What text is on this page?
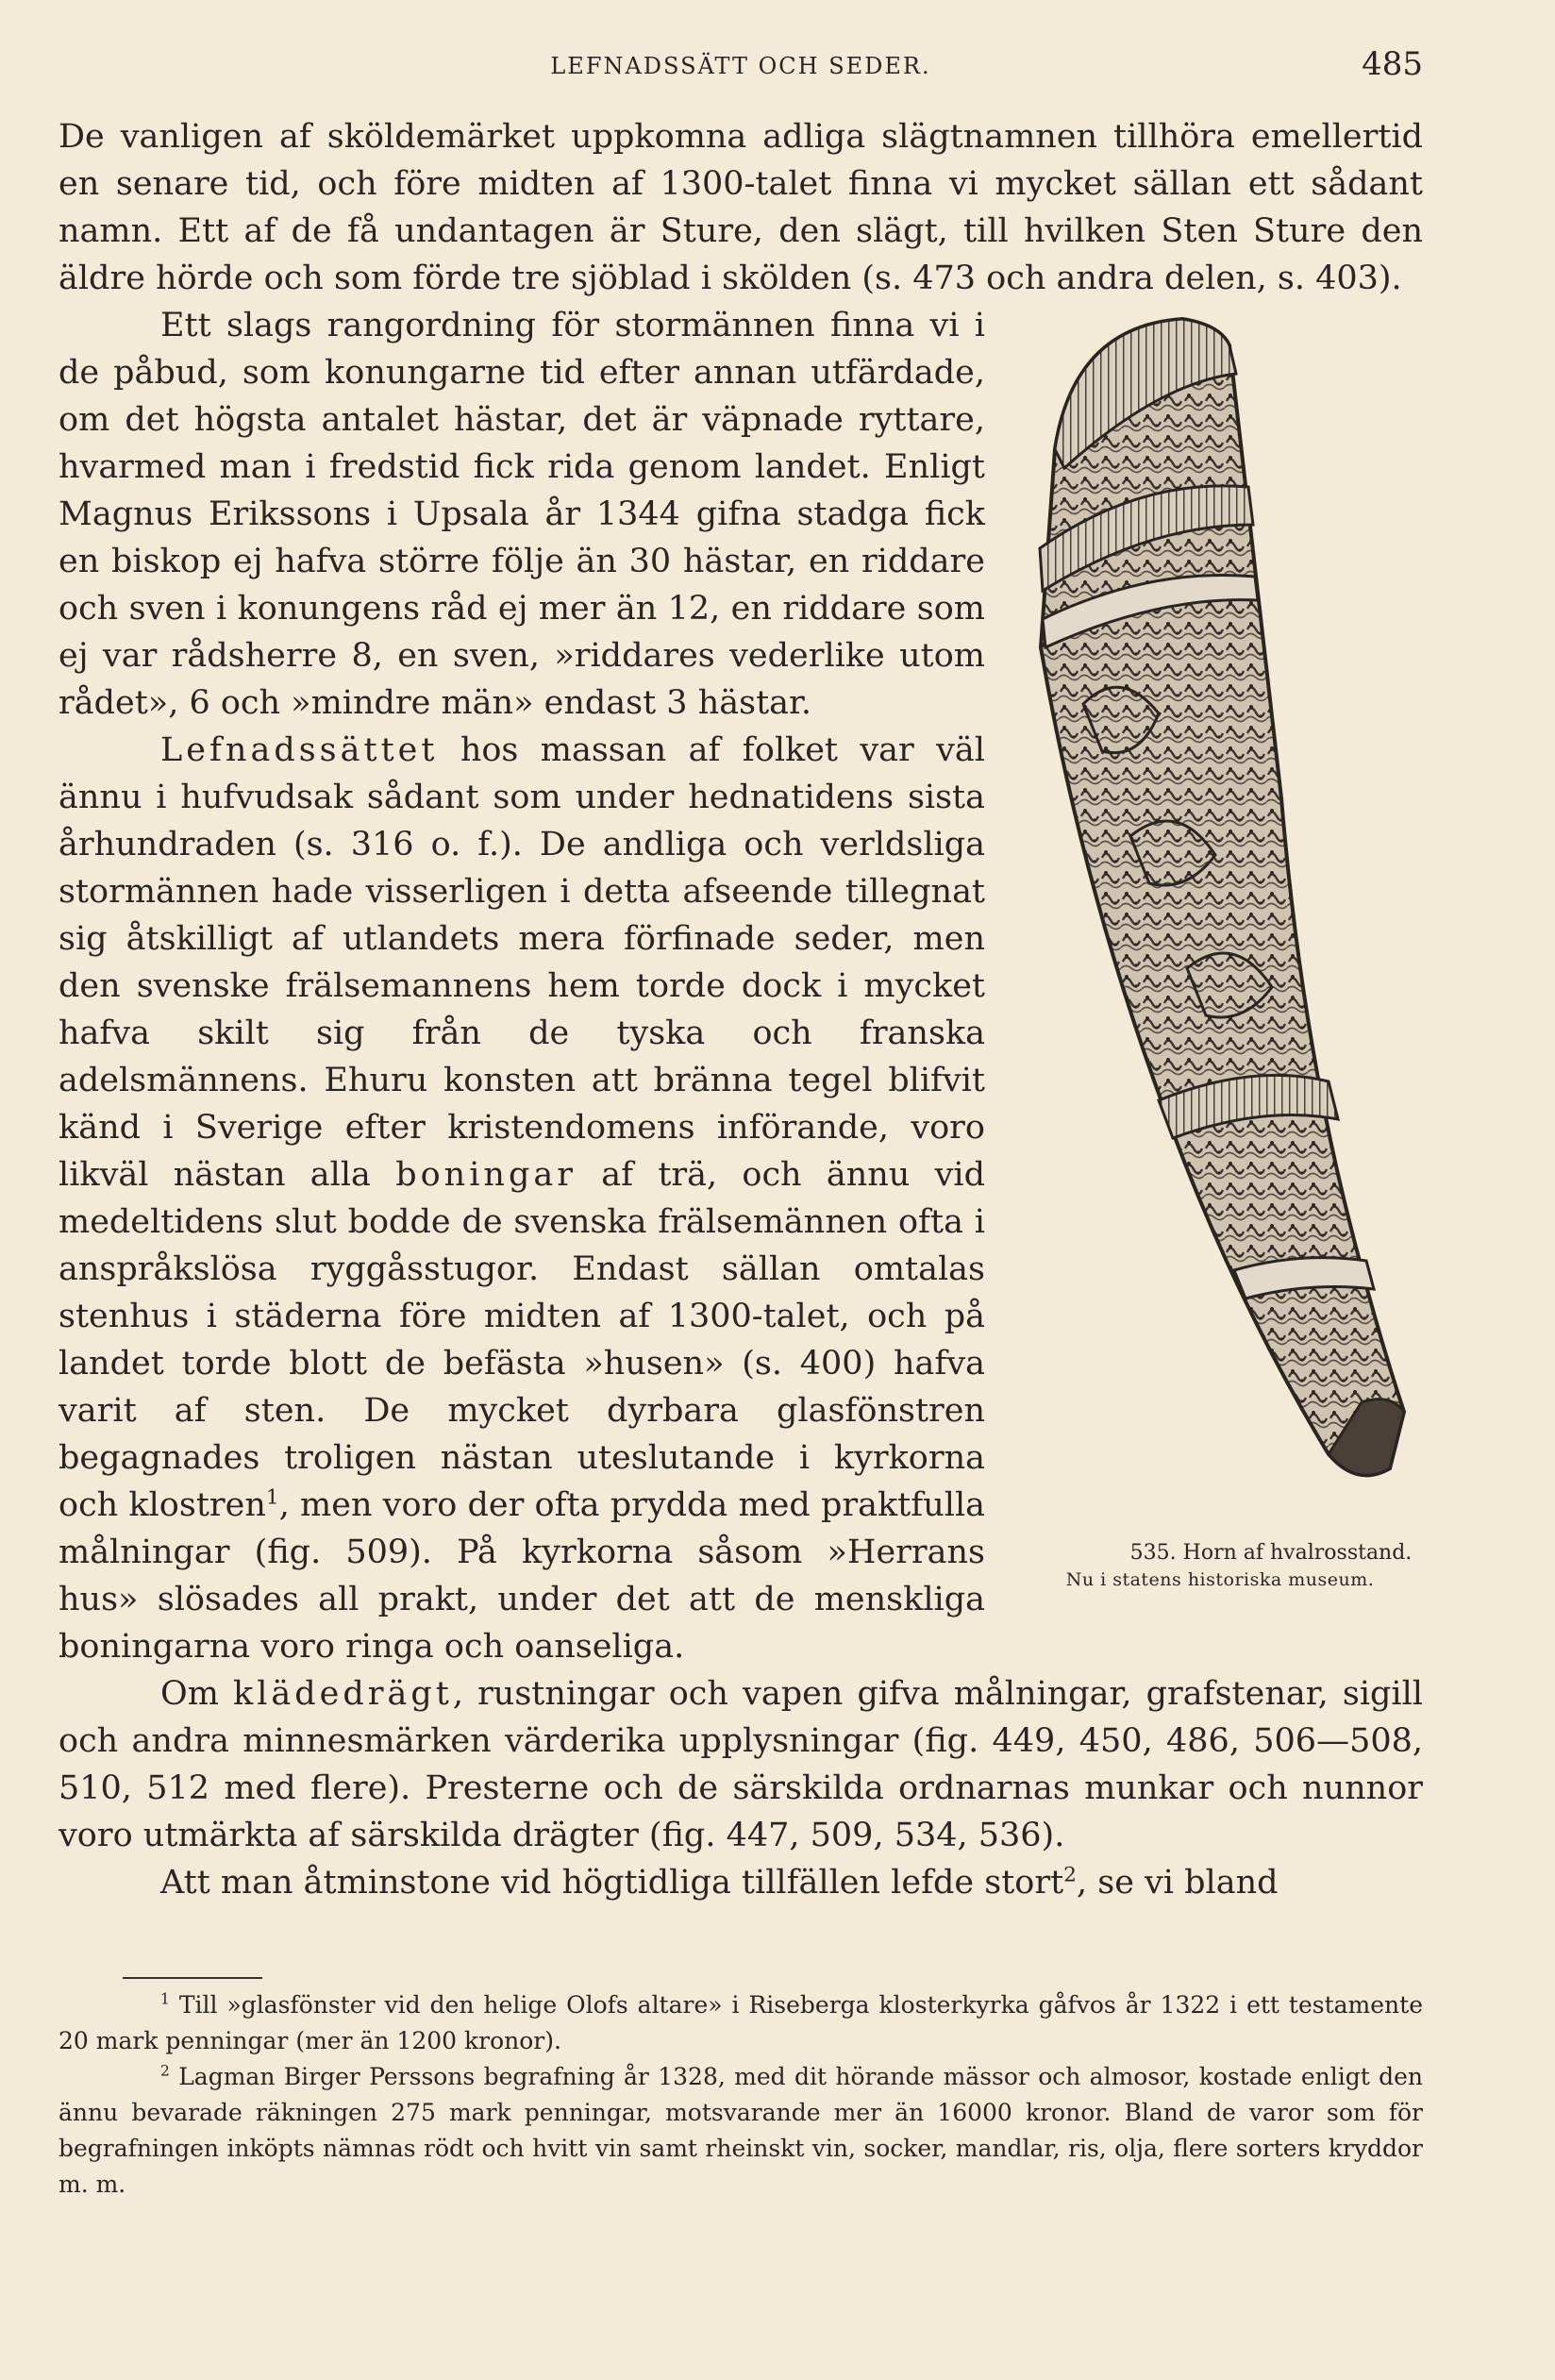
LEFNADSSÄTT OCH SEDER.	485

De vanligen af sköldemärket uppkomna adliga slägtnamnen tillhöra emellertid en senare tid, och före midten af 1300-talet finna vi mycket sällan ett sådant namn. Ett af de få undantagen är Sture, den slägt, till hvilken Sten Sture den äldre hörde och som förde tre sjöblad i skölden (s. 473 och andra delen, s. 403).

535. Horn af hvalrosstand.
Nu i statens historiska museum.
Ett slags rangordning för stormännen finna vi i de påbud, som konungarne tid efter annan utfärdade, om det högsta antalet hästar, det är väpnade ryttare, hvarmed man i fredstid fick rida genom landet. Enligt Magnus Erikssons i Upsala år 1344 gifna stadga fick en biskop ej hafva större följe än 30 hästar, en riddare och sven i konungens råd ej mer än 12, en riddare som ej var rådsherre 8, en sven, »riddares vederlike utom rådet», 6 och »mindre män» endast 3 hästar.

Lefnadssättet hos massan af folket var väl ännu i hufvudsak sådant som under hednatidens sista århundraden (s. 316 o. f.). De andliga och verldsliga stormännen hade visserligen i detta afseende tillegnat sig åtskilligt af utlandets mera förfinade seder, men den svenske frälsemannens hem torde dock i mycket hafva skilt sig från de tyska och franska adelsmännens. Ehuru konsten att bränna tegel blifvit känd i Sverige efter kristendomens införande, voro likväl nästan alla boningar af trä, och ännu vid medeltidens slut bodde de svenska frälsemännen ofta i anspråkslösa ryggåsstugor. Endast sällan omtalas stenhus i städerna före midten af 1300-talet, och på landet torde blott de befästa »husen» (s. 400) hafva varit af sten. De mycket dyrbara glasfönstren begagnades troligen nästan uteslutande i kyrkorna och klostren$^1$, men voro der ofta prydda med praktfulla målningar (fig. 509). På kyrkorna såsom »Herrans hus» slösades all prakt, under det att de menskliga boningarna voro ringa och oanseliga.

Om klädedrägt, rustningar och vapen gifva målningar, grafstenar, sigill och andra minnesmärken värderika upplysningar (fig. 449, 450, 486, 506—508, 510, 512 med flere). Presterne och de särskilda ordnarnas munkar och nunnor voro utmärkta af särskilda drägter (fig. 447, 509, 534, 536).

Att man åtminstone vid högtidliga tillfällen lefde stort$^2$, se vi bland

$^1$ Till »glasfönster vid den helige Olofs altare» i Riseberga klosterkyrka gåfvos år 1322 i ett testamente 20 mark penningar (mer än 1200 kronor).

$^2$ Lagman Birger Perssons begrafning år 1328, med dit hörande mässor och almosor, kostade enligt den ännu bevarade räkningen 275 mark penningar, motsvarande mer än 16000 kronor. Bland de varor som för begrafningen inköpts nämnas rödt och hvitt vin samt rheinskt vin, socker, mandlar, ris, olja, flere sorters kryddor m. m.
